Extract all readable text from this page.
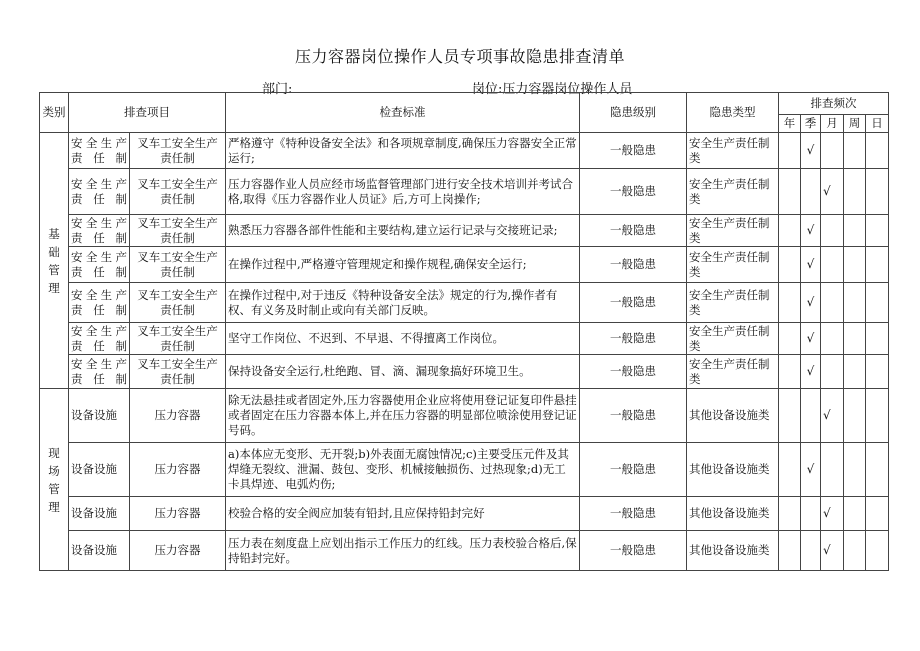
压力容器岗位操作人员专项事故隐患排查清单
部门:	岗位:压力容器岗位操作人员
类别	排查项目		检查标准	隐患级别	隐患类型	排查频次				
						年	季	月	周	日

基
础
管
理	安全生产责任制	叉车工安全生产责任制	严格遵守《特种设备安全法》和各项规章制度,确保压力容器安全正常运行;	一般隐患	安全生产责任制类		√			
	安全生产责任制	叉车工安全生产责任制	压力容器作业人员应经市场监督管理部门进行安全技术培训并考试合格,取得《压力容器作业人员证》后,方可上岗操作;	一般隐患	安全生产责任制类			√		
	安全生产责任制	叉车工安全生产责任制	熟悉压力容器各部件性能和主要结构,建立运行记录与交接班记录;	一般隐患	安全生产责任制类		√			
	安全生产责任制	叉车工安全生产责任制	在操作过程中,严格遵守管理规定和操作规程,确保安全运行;	一般隐患	安全生产责任制类		√			
	安全生产责任制	叉车工安全生产责任制	在操作过程中,对于违反《特种设备安全法》规定的行为,操作者有权、有义务及时制止或向有关部门反映。	一般隐患	安全生产责任制类		√			
	安全生产责任制	叉车工安全生产责任制	坚守工作岗位、不迟到、不早退、不得擅离工作岗位。	一般隐患	安全生产责任制类		√			
	安全生产责任制	叉车工安全生产责任制	保持设备安全运行,杜绝跑、冒、滴、漏现象搞好环境卫生。	一般隐患	安全生产责任制类		√			

现
场
管
理	设备设施	压力容器	除无法悬挂或者固定外,压力容器使用企业应将使用登记证复印件悬挂或者固定在压力容器本体上,并在压力容器的明显部位喷涂使用登记证号码。	一般隐患	其他设备设施类			√		
	设备设施	压力容器	a)本体应无变形、无开裂;b)外表面无腐蚀情况;c)主要受压元件及其焊缝无裂纹、泄漏、鼓包、变形、机械接触损伤、过热现象;d)无工卡具焊迹、电弧灼伤;	一般隐患	其他设备设施类		√			
	设备设施	压力容器	校验合格的安全阀应加装有铅封,且应保持铅封完好	一般隐患	其他设备设施类			√		
	设备设施	压力容器	压力表在刻度盘上应划出指示工作压力的红线。压力表校验合格后,保持铅封完好。	一般隐患	其他设备设施类			√		
